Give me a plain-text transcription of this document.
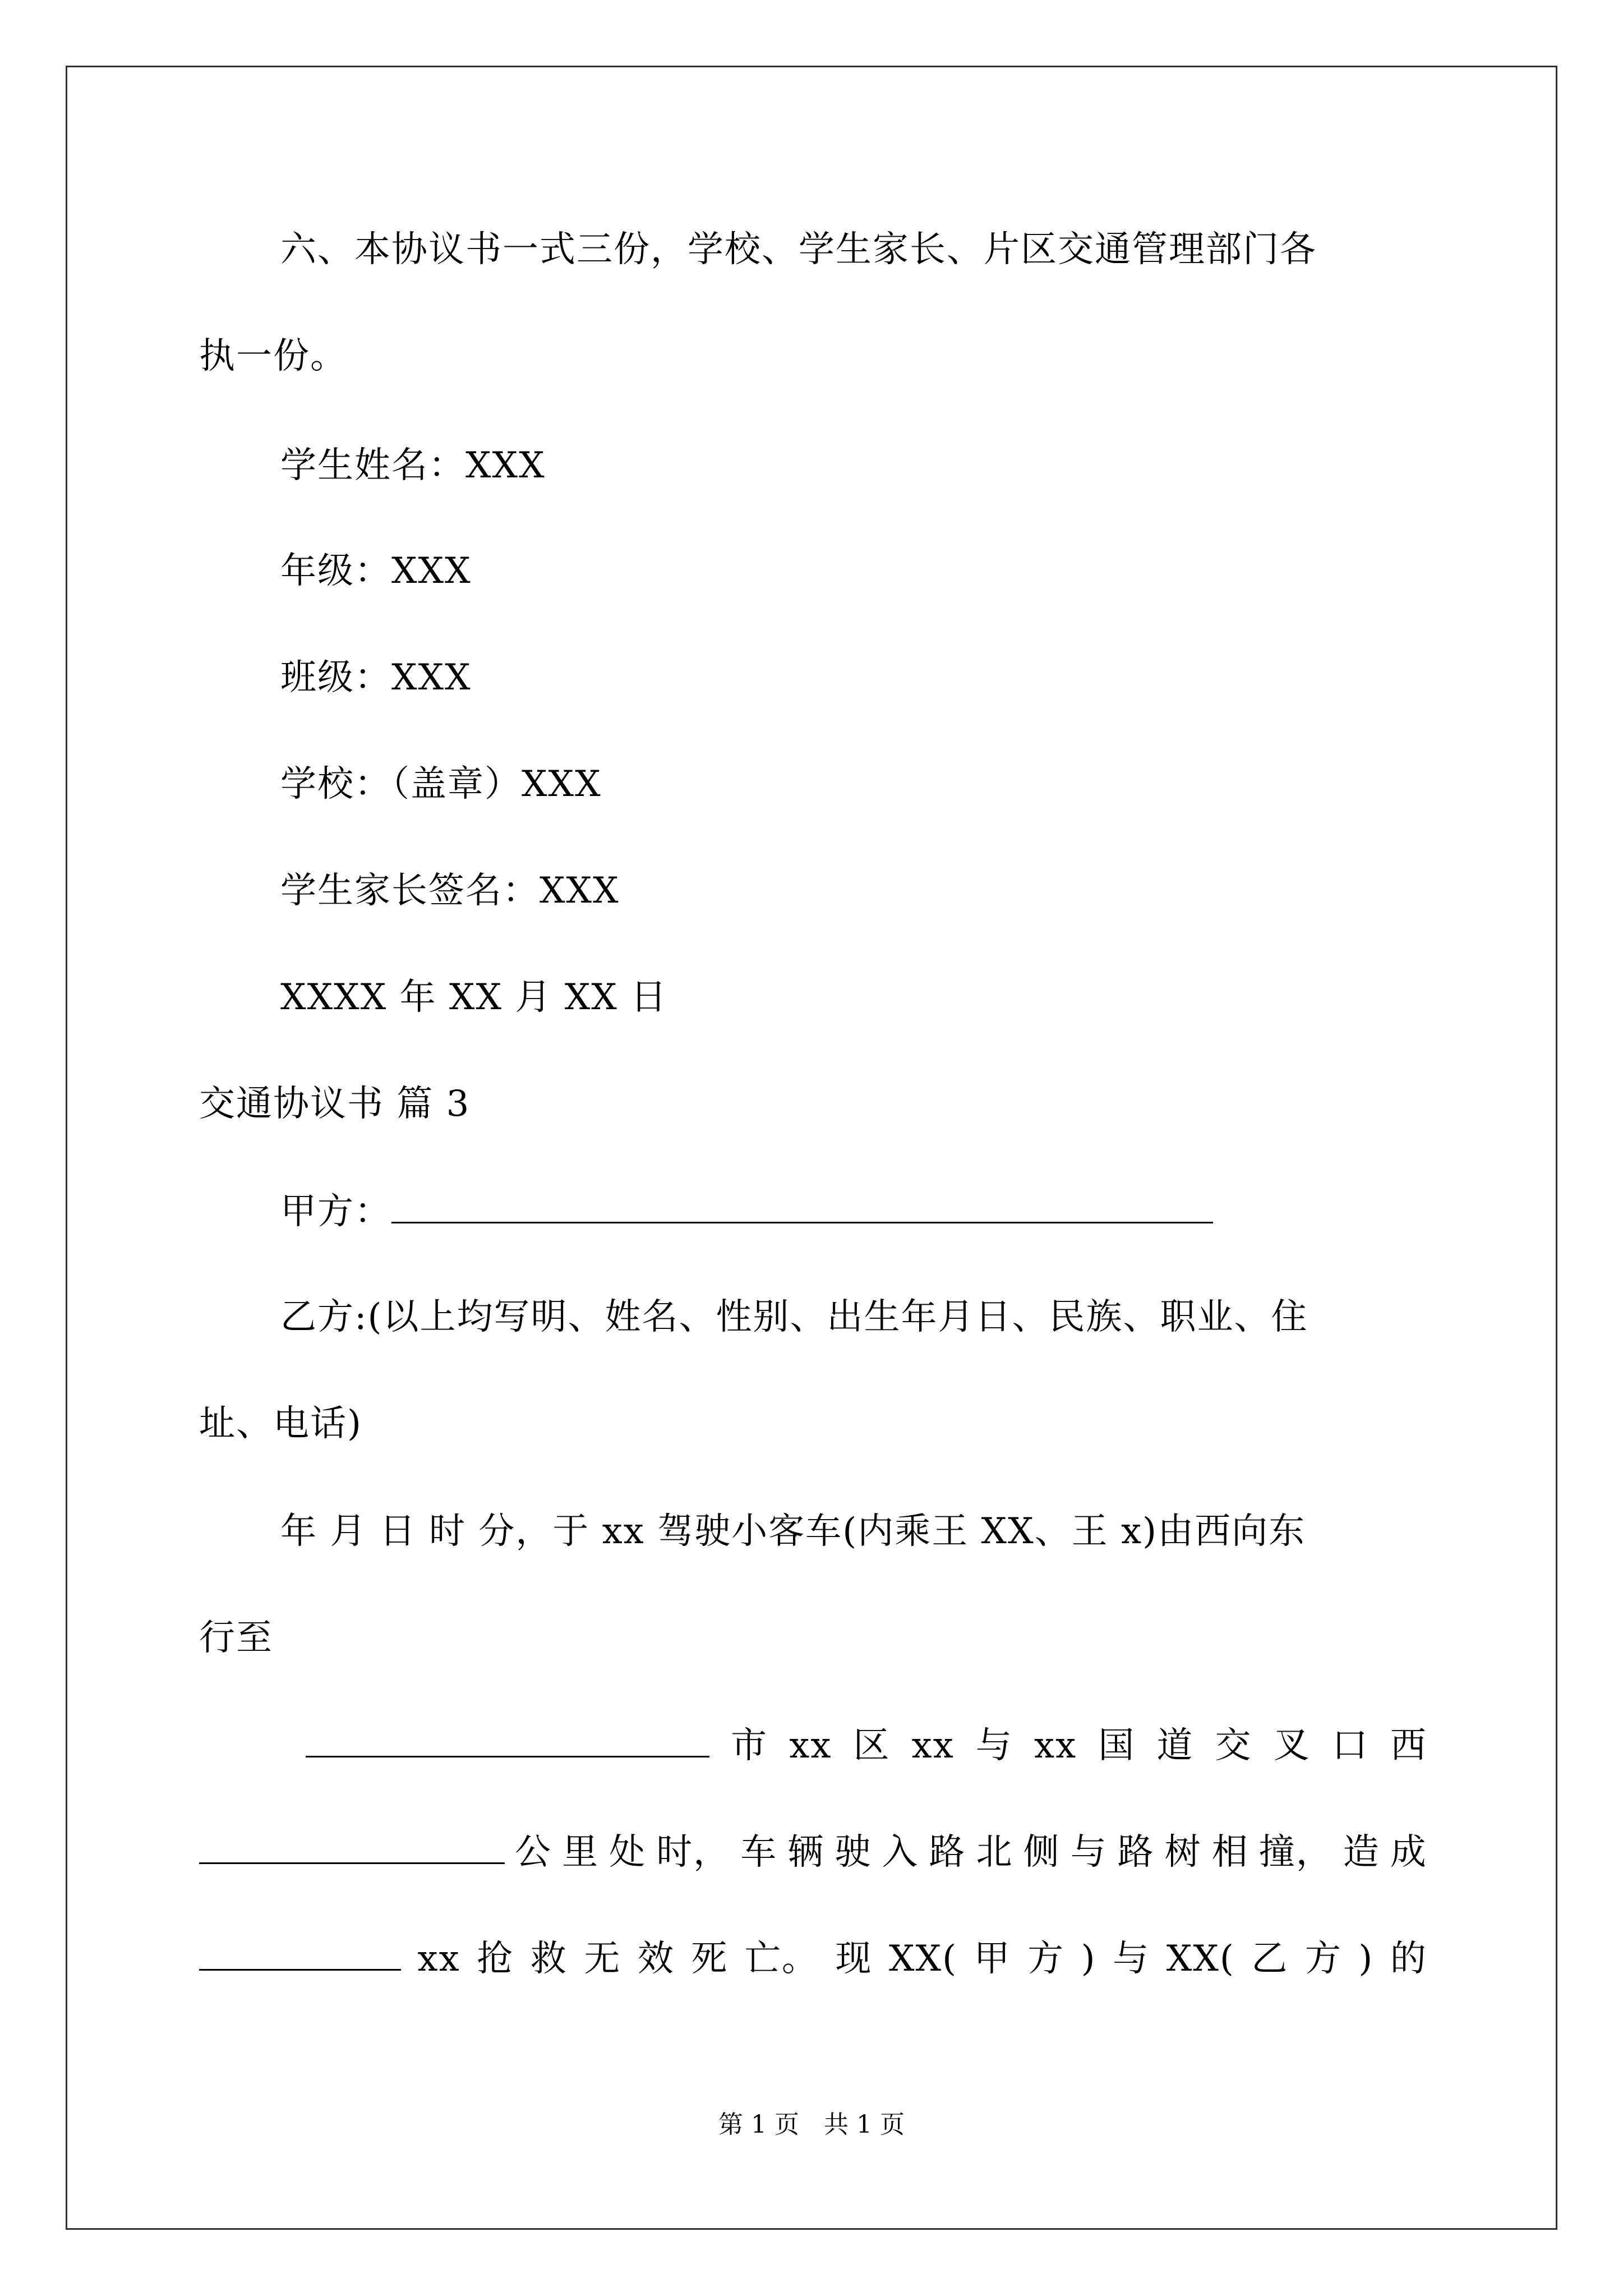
六、本协议书一式三份，学校、学生家长、片区交通管理部门各
执一份。
学生姓名：XXX
年级：XXX
班级：XXX
学校：（盖章）XXX
学生家长签名：XXX
XXXX 年 XX 月 XX 日
交通协议书 篇 3
甲方：
乙方:(以上均写明、姓名、性别、出生年月日、民族、职业、住
址、电话)
年 月 日 时 分，于 xx 驾驶小客车(内乘王 XX、王 x)由西向东
行至
市 xx 区 xx 与 xx 国 道 交 叉 口 西
公 里 处 时， 车 辆 驶 入 路 北 侧 与 路 树 相 撞， 造 成
xx 抢 救 无 效 死 亡。 现 XX( 甲 方 ) 与 XX( 乙 方 ) 的
第 1 页　共 1 页
